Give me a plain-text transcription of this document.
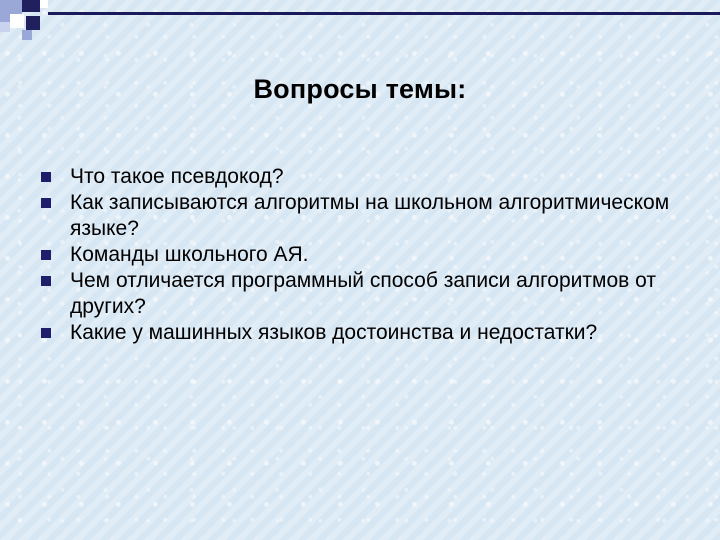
Вопросы темы:
Что такое псевдокод?
Как записываются алгоритмы на школьном алгоритмическом языке?
Команды школьного АЯ.
Чем отличается программный способ записи алгоритмов от других?
Какие у машинных языков достоинства и недостатки?
